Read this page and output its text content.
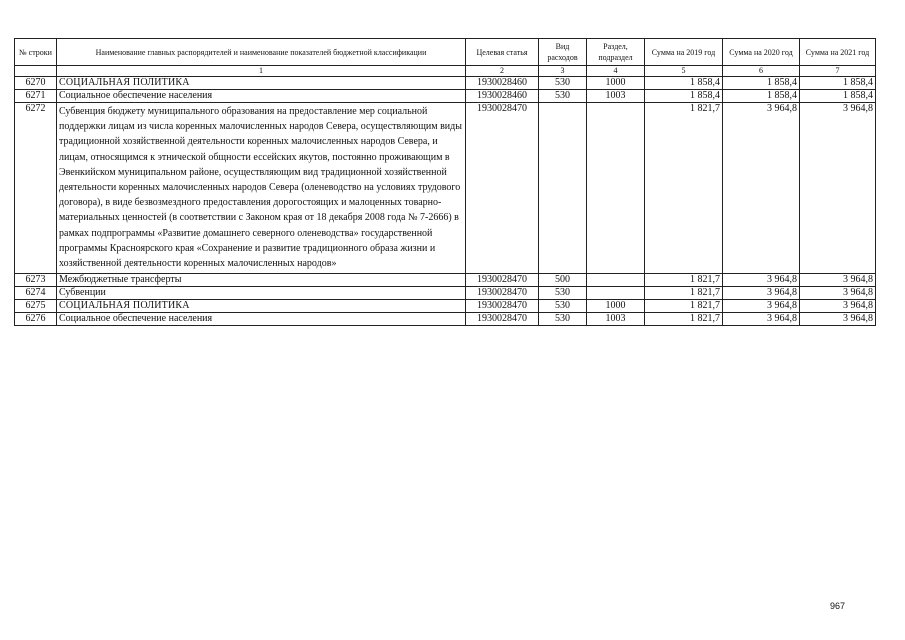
№ строки	Наименование главных распорядителей и наименование показателей бюджетной классификации	Целевая статья	Вид расходов	Раздел, подраздел	Сумма на 2019 год	Сумма на 2020 год	Сумма на 2021 год
	1	2	3	4	5	6	7
6270	СОЦИАЛЬНАЯ ПОЛИТИКА	1930028460	530	1000	1 858,4	1 858,4	1 858,4
6271	Социальное обеспечение населения	1930028460	530	1003	1 858,4	1 858,4	1 858,4
6272	Субвенция бюджету муниципального образования на предоставление мер социальной поддержки лицам из числа коренных малочисленных народов Севера, осуществляющим виды традиционной хозяйственной деятельности коренных малочисленных народов Севера, и лицам, относящимся к этнической общности ессейских якутов, постоянно проживающим в Эвенкийском муниципальном районе, осуществляющим вид традиционной хозяйственной деятельности коренных малочисленных народов Севера (оленеводство на условиях трудового договора), в виде безвозмездного предоставления дорогостоящих и малоценных товарно-материальных ценностей (в соответствии с Законом края от 18 декабря 2008 года № 7-2666) в рамках подпрограммы «Развитие домашнего северного оленеводства» государственной программы Красноярского края «Сохранение и развитие традиционного образа жизни и хозяйственной деятельности коренных малочисленных народов»	1930028470			1 821,7	3 964,8	3 964,8
6273	Межбюджетные трансферты	1930028470	500		1 821,7	3 964,8	3 964,8
6274	Субвенции	1930028470	530		1 821,7	3 964,8	3 964,8
6275	СОЦИАЛЬНАЯ ПОЛИТИКА	1930028470	530	1000	1 821,7	3 964,8	3 964,8
6276	Социальное обеспечение населения	1930028470	530	1003	1 821,7	3 964,8	3 964,8
967
